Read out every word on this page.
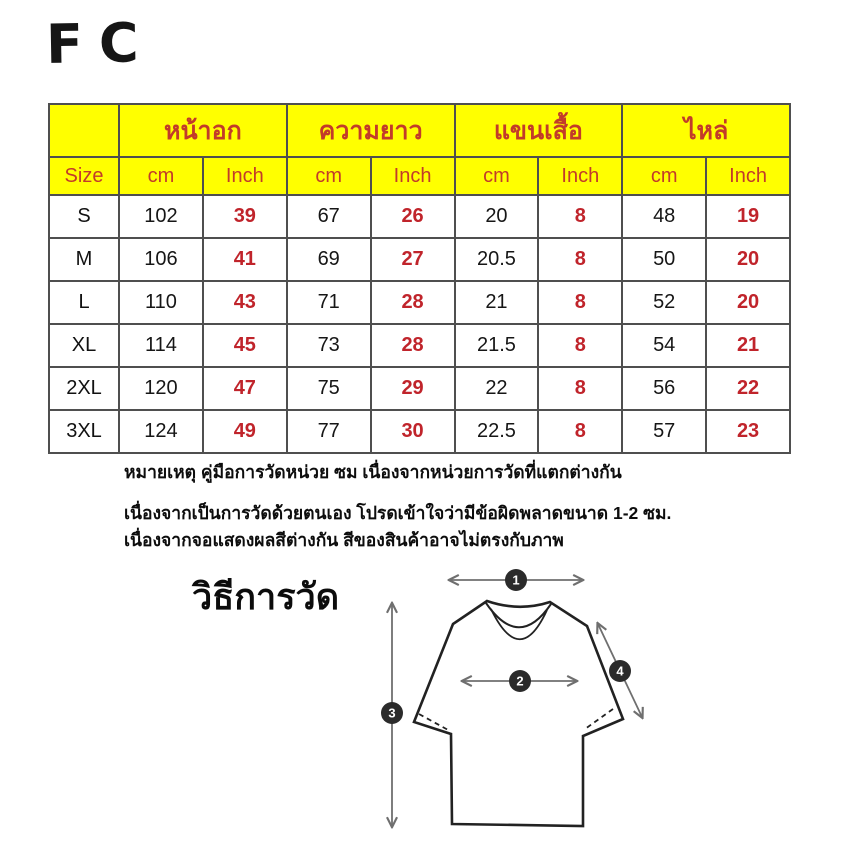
FC
	หน้าอก		ความยาว		แขนเสื้อ		ไหล่	
Size	cm	Inch	cm	Inch	cm	Inch	cm	Inch
S	102	39	67	26	20	8	48	19
M	106	41	69	27	20.5	8	50	20
L	110	43	71	28	21	8	52	20
XL	114	45	73	28	21.5	8	54	21
2XL	120	47	75	29	22	8	56	22
3XL	124	49	77	30	22.5	8	57	23
หมายเหตุ คู่มือการวัดหน่วย ซม เนื่องจากหน่วยการวัดที่แตกต่างกัน
เนื่องจากเป็นการวัดด้วยตนเอง โปรดเข้าใจว่ามีข้อผิดพลาดขนาด 1-2 ซม.
เนื่องจากจอแสดงผลสีต่างกัน สีของสินค้าอาจไม่ตรงกับภาพ
วิธีการวัด	1
2
3
4
